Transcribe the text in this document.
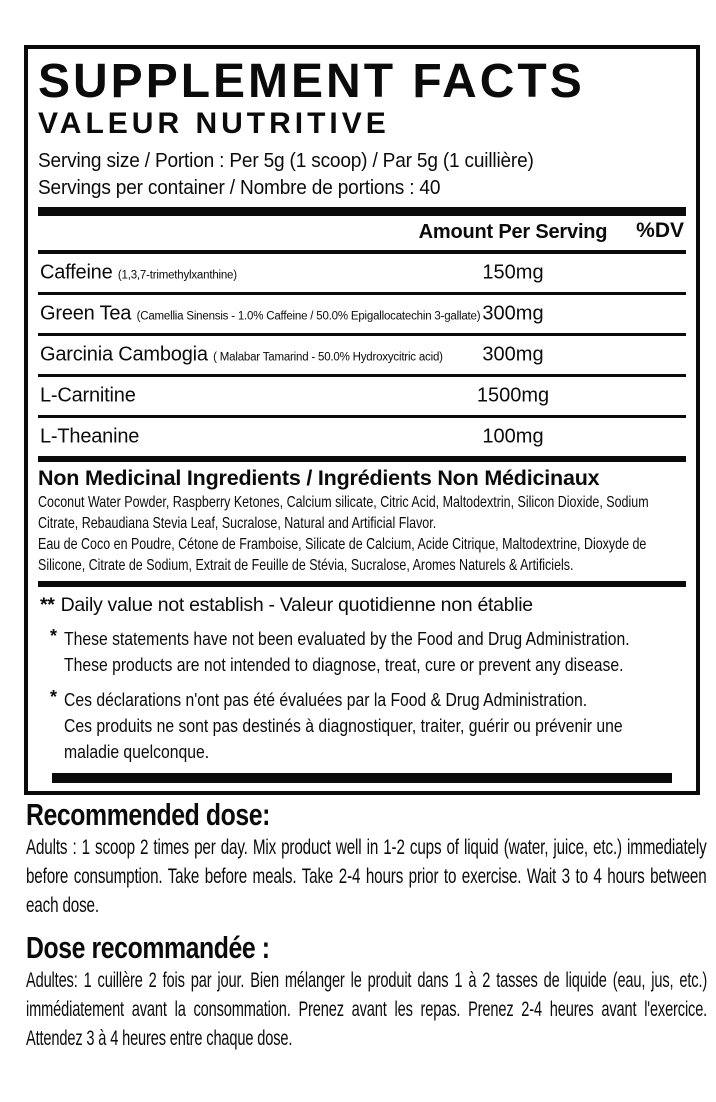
SUPPLEMENT FACTS
VALEUR NUTRITIVE
Serving size / Portion : Per 5g (1 scoop) / Par 5g (1 cuillière)
Servings per container / Nombre de portions : 40
Amount Per Serving %DV
Caffeine (1,3,7-trimethylxanthine)	150mg
Green Tea (Camellia Sinensis - 1.0% Caffeine / 50.0% Epigallocatechin 3-gallate) 300mg
Garcinia Cambogia ( Malabar Tamarind - 50.0% Hydroxycitric acid)	300mg
L-Carnitine	1500mg
L-Theanine	100mg
Non Medicinal Ingredients / Ingrédients Non Médicinaux
Coconut Water Powder, Raspberry Ketones, Calcium silicate, Citric Acid, Maltodextrin, Silicon Dioxide, Sodium Citrate, Rebaudiana Stevia Leaf, Sucralose, Natural and Artificial Flavor.
Eau de Coco en Poudre, Cétone de Framboise, Silicate de Calcium, Acide Citrique, Maltodextrine, Dioxyde de Silicone, Citrate de Sodium, Extrait de Feuille de Stévia, Sucralose, Aromes Naturels & Artificiels.
** Daily value not establish - Valeur quotidienne non établie
* These statements have not been evaluated by the Food and Drug Administration.
These products are not intended to diagnose, treat, cure or prevent any disease.
* Ces déclarations n'ont pas été évaluées par la Food & Drug Administration.
Ces produits ne sont pas destinés à diagnostiquer, traiter, guérir ou prévenir une
maladie quelconque.
Recommended dose:
Adults : 1 scoop 2 times per day. Mix product well in 1-2 cups of liquid (water, juice, etc.) immediately before consumption. Take before meals. Take 2-4 hours prior to exercise. Wait 3 to 4 hours between each dose.
Dose recommandée :
Adultes: 1 cuillère 2 fois par jour. Bien mélanger le produit dans 1 à 2 tasses de liquide (eau, jus, etc.) immédiatement avant la consommation. Prenez avant les repas. Prenez 2-4 heures avant l'exercice. Attendez 3 à 4 heures entre chaque dose.
